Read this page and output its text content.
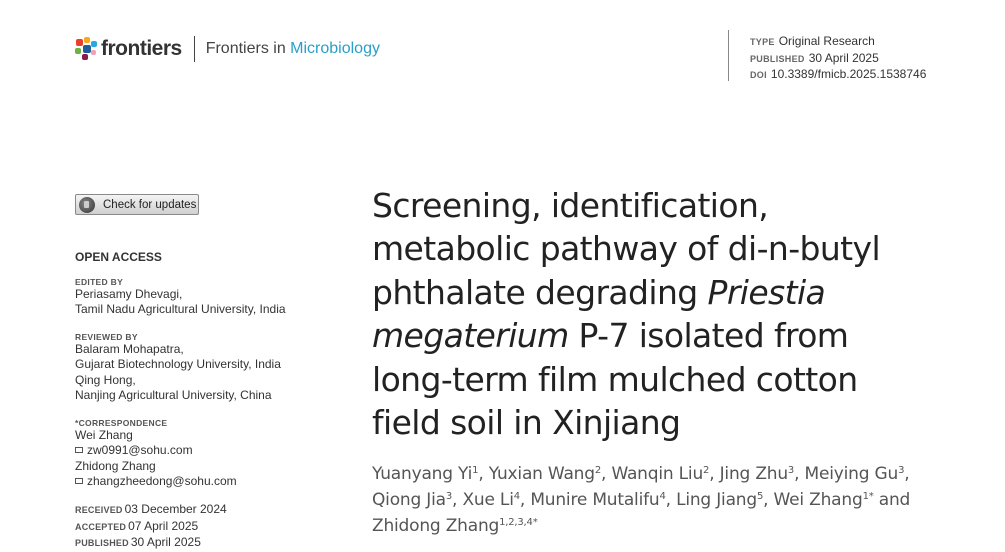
frontiers Frontiers in Microbiology	TYPE Original Research
PUBLISHED 30 April 2025
DOI 10.3389/fmicb.2025.1538746
Check for updates
OPEN ACCESS
EDITED BY
Periasamy Dhevagi,
Tamil Nadu Agricultural University, India
REVIEWED BY
Balaram Mohapatra,
Gujarat Biotechnology University, India
Qing Hong,
Nanjing Agricultural University, China
*CORRESPONDENCE
Wei Zhang
zw0991@sohu.com
Zhidong Zhang
zhangzheedong@sohu.com
RECEIVED 03 December 2024
ACCEPTED 07 April 2025
PUBLISHED 30 April 2025
Screening, identification,
metabolic pathway of di-n-butyl
phthalate degrading Priestia
megaterium P-7 isolated from
long-term film mulched cotton
field soil in Xinjiang
Yuanyang Yi$^1$, Yuxian Wang$^2$, Wanqin Liu$^2$, Jing Zhu$^3$, Meiying Gu$^3$,
Qiong Jia$^3$, Xue Li$^4$, Munire Mutalifu$^4$, Ling Jiang$^5$, Wei Zhang$^{1*}$ and
Zhidong Zhang$^{1,2,3,4*}$
